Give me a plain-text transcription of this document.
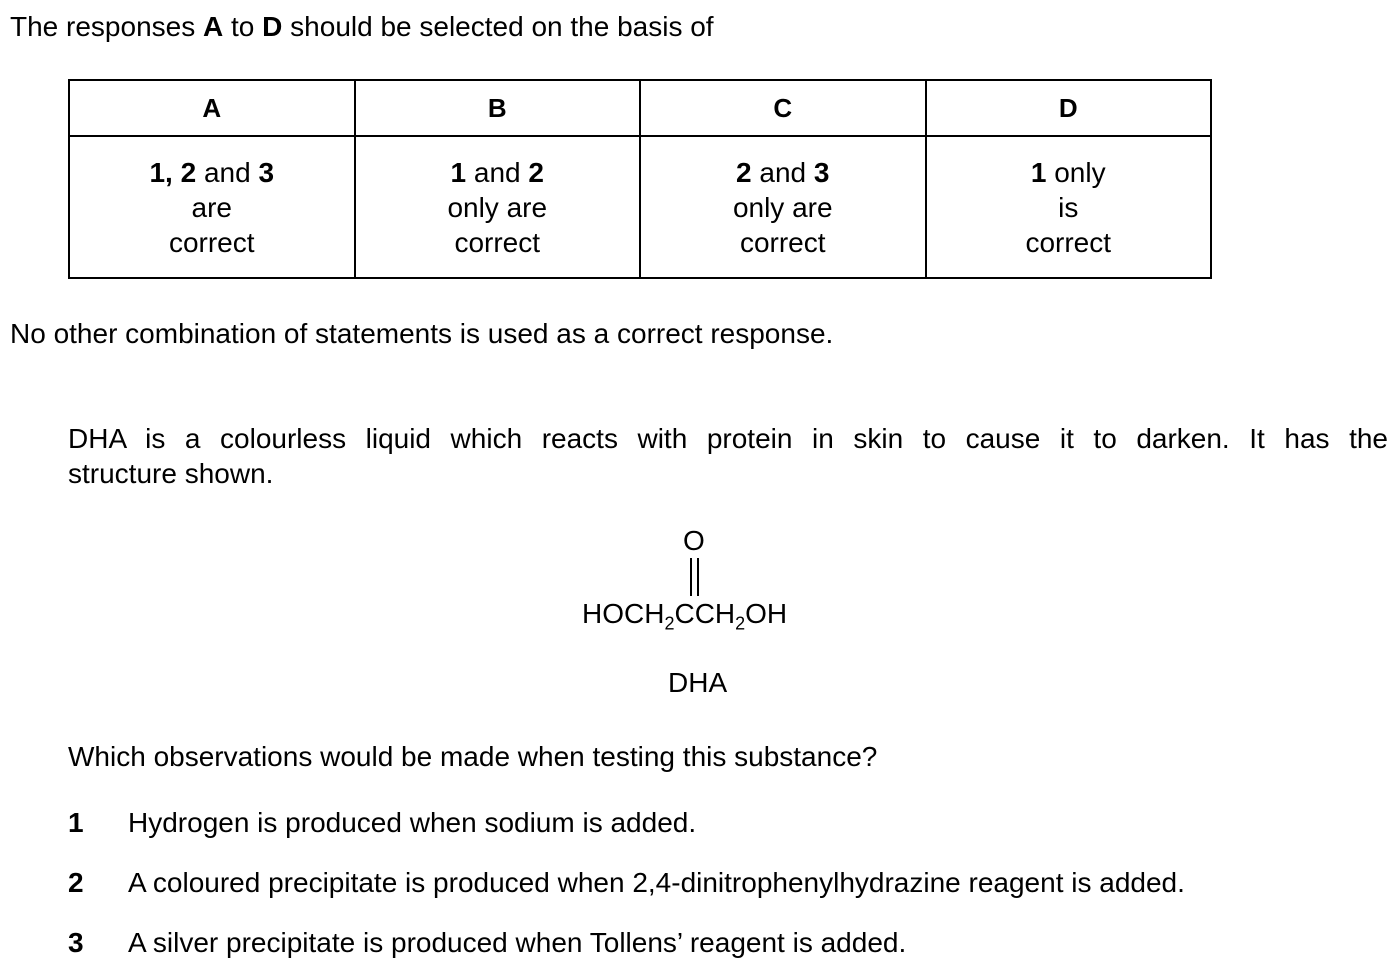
The responses A to D should be selected on the basis of
A	B	C	D
1, 2 and 3
are
correct	1 and 2
only are
correct	2 and 3
only are
correct	1 only
is
correct
No other combination of statements is used as a correct response.
DHA is a colourless liquid which reacts with protein in skin to cause it to darken. It has the
structure shown.
O
$HOCH_2CCH_2OH$
DHA
Which observations would be made when testing this substance?
1 Hydrogen is produced when sodium is added.
2 A coloured precipitate is produced when 2,4-dinitrophenylhydrazine reagent is added.
3 A silver precipitate is produced when Tollens’ reagent is added.
